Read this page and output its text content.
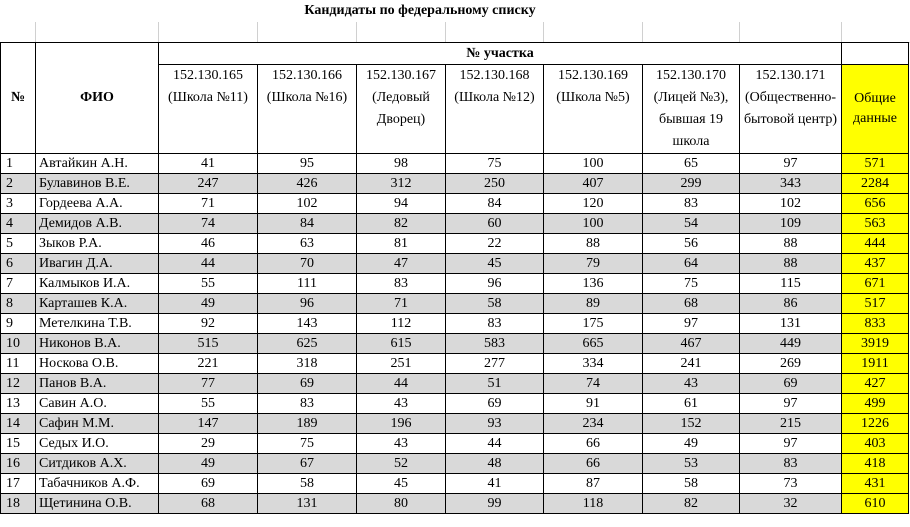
Кандидаты по федеральному списку
№	ФИО	№ участка							
		152.130.165 (Школа №11)	152.130.166 (Школа №16)	152.130.167 (Ледовый Дворец)	152.130.168 (Школа №12)	152.130.169 (Школа №5)	152.130.170 (Лицей №3), бывшая 19 школа	152.130.171 (Общественно-бытовой центр)	Общие данные
1	Автайкин А.Н.	41	95	98	75	100	65	97	571
2	Булавинов В.Е.	247	426	312	250	407	299	343	2284
3	Гордеева А.А.	71	102	94	84	120	83	102	656
4	Демидов А.В.	74	84	82	60	100	54	109	563
5	Зыков Р.А.	46	63	81	22	88	56	88	444
6	Ивагин Д.А.	44	70	47	45	79	64	88	437
7	Калмыков И.А.	55	111	83	96	136	75	115	671
8	Карташев К.А.	49	96	71	58	89	68	86	517
9	Метелкина Т.В.	92	143	112	83	175	97	131	833
10	Никонов В.А.	515	625	615	583	665	467	449	3919
11	Носкова О.В.	221	318	251	277	334	241	269	1911
12	Панов В.А.	77	69	44	51	74	43	69	427
13	Савин А.О.	55	83	43	69	91	61	97	499
14	Сафин М.М.	147	189	196	93	234	152	215	1226
15	Седых И.О.	29	75	43	44	66	49	97	403
16	Ситдиков А.Х.	49	67	52	48	66	53	83	418
17	Табачников А.Ф.	69	58	45	41	87	58	73	431
18	Щетинина О.В.	68	131	80	99	118	82	32	610
